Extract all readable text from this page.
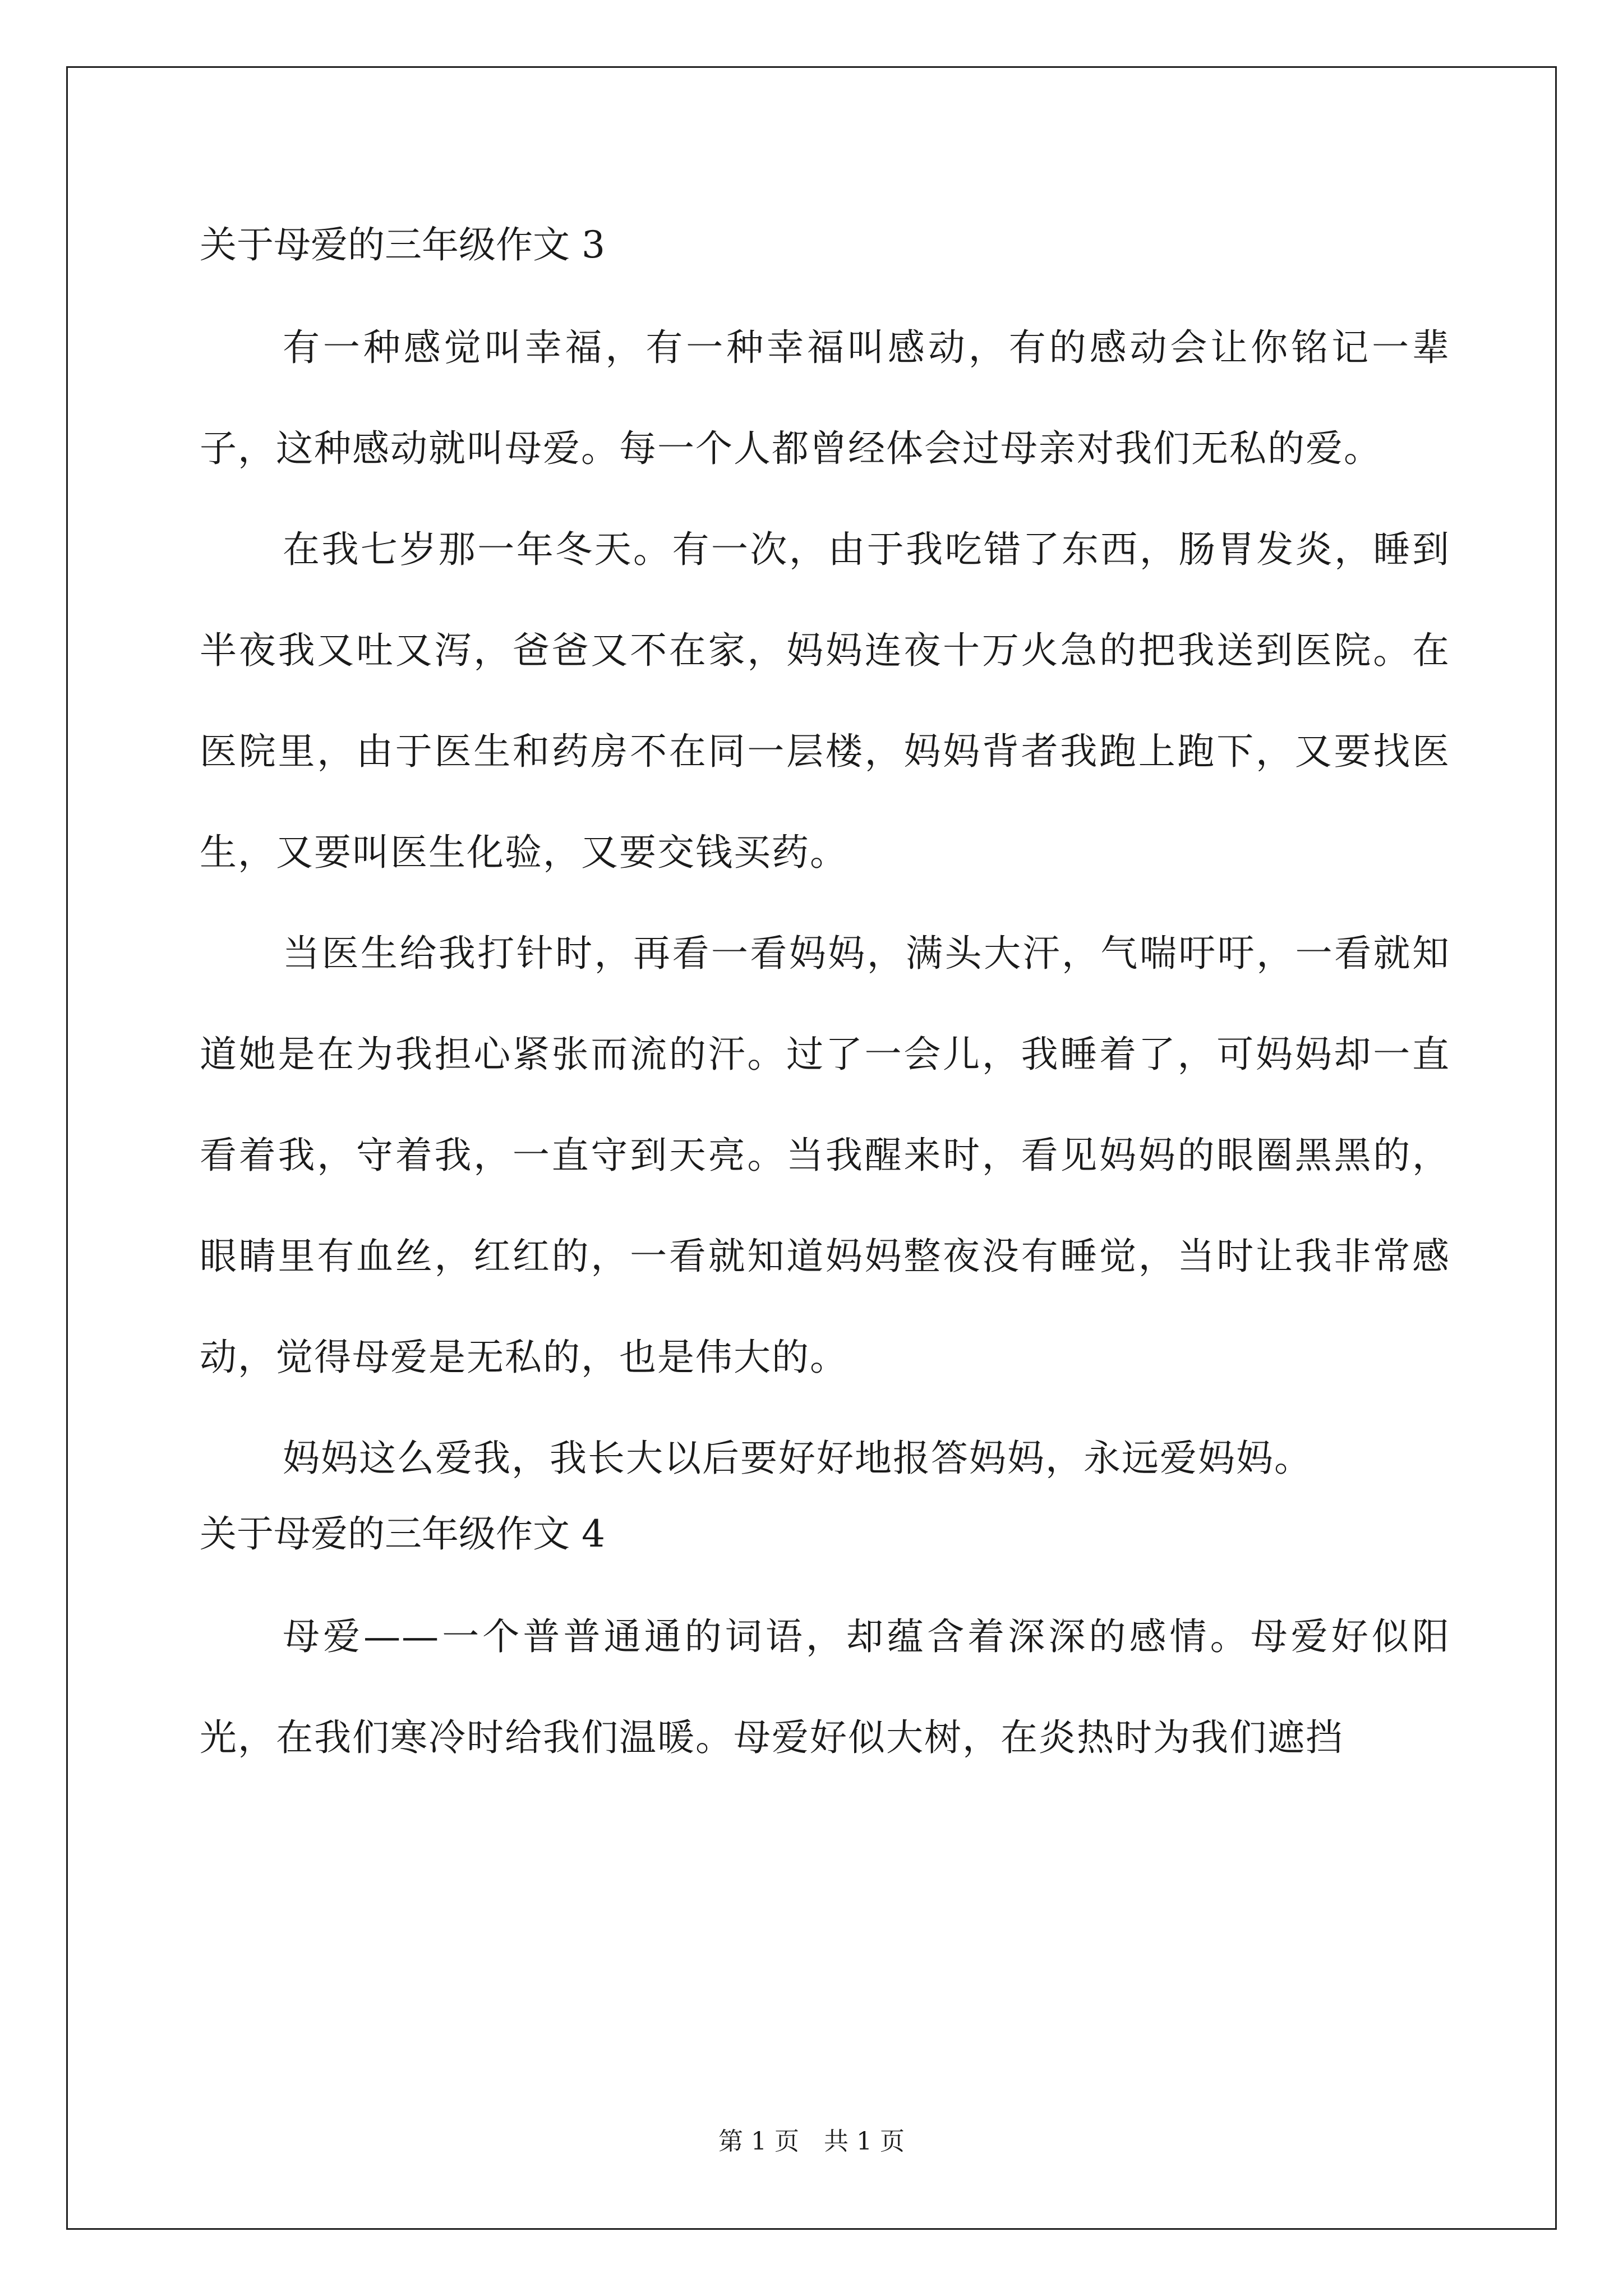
关于母爱的三年级作文 3

有一种感觉叫幸福，有一种幸福叫感动，有的感动会让你铭记一辈子，这种感动就叫母爱。每一个人都曾经体会过母亲对我们无私的爱。

在我七岁那一年冬天。有一次，由于我吃错了东西，肠胃发炎，睡到半夜我又吐又泻，爸爸又不在家，妈妈连夜十万火急的把我送到医院。在医院里，由于医生和药房不在同一层楼，妈妈背者我跑上跑下，又要找医生，又要叫医生化验，又要交钱买药。

当医生给我打针时，再看一看妈妈，满头大汗，气喘吁吁，一看就知道她是在为我担心紧张而流的汗。过了一会儿，我睡着了，可妈妈却一直看着我，守着我，一直守到天亮。当我醒来时，看见妈妈的眼圈黑黑的，眼睛里有血丝，红红的，一看就知道妈妈整夜没有睡觉，当时让我非常感动，觉得母爱是无私的，也是伟大的。

妈妈这么爱我，我长大以后要好好地报答妈妈，永远爱妈妈。

关于母爱的三年级作文 4

母爱——一个普普通通的词语，却蕴含着深深的感情。母爱好似阳光，在我们寒冷时给我们温暖。母爱好似大树，在炎热时为我们遮挡

第 1 页　共 1 页
